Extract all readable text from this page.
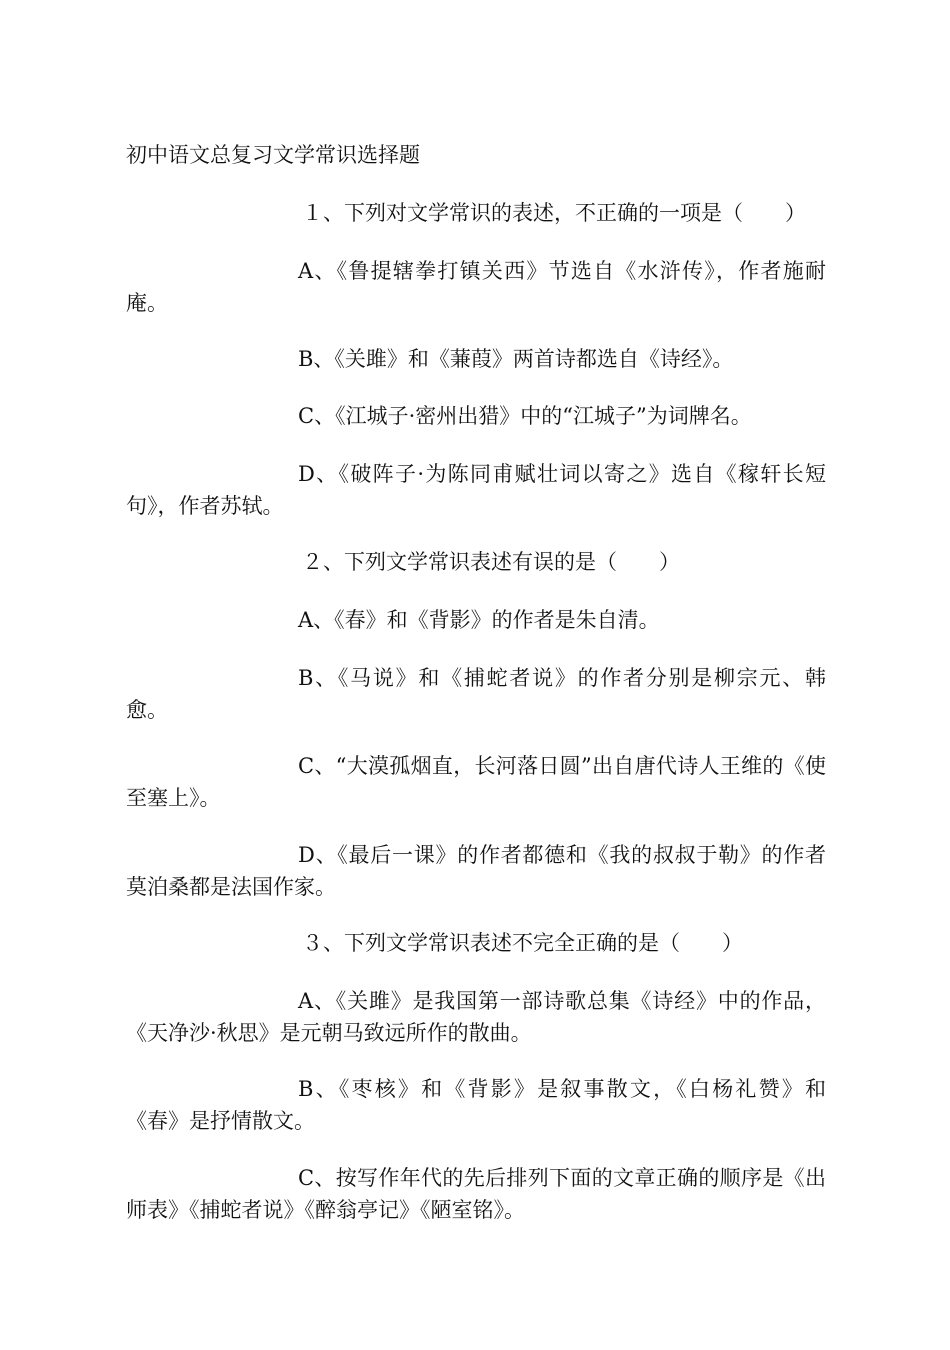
初中语文总复习文学常识选择题
１、下列对文学常识的表述，不正确的一项是（　　）
A、《鲁提辖拳打镇关西》节选自《水浒传》，作者施耐庵。
B、《关雎》和《蒹葭》两首诗都选自《诗经》。
C、《江城子·密州出猎》中的“江城子”为词牌名。
D、《破阵子·为陈同甫赋壮词以寄之》选自《稼轩长短句》，作者苏轼。
２、下列文学常识表述有误的是（　　）
A、《春》和《背影》的作者是朱自清。
B、《马说》和《捕蛇者说》的作者分别是柳宗元、韩愈。
C、“大漠孤烟直，长河落日圆”出自唐代诗人王维的《使至塞上》。
D、《最后一课》的作者都德和《我的叔叔于勒》的作者莫泊桑都是法国作家。
３、下列文学常识表述不完全正确的是（　　）
A、《关雎》是我国第一部诗歌总集《诗经》中的作品，《天净沙·秋思》是元朝马致远所作的散曲。
B、《枣核》和《背影》是叙事散文，《白杨礼赞》和《春》是抒情散文。
C、按写作年代的先后排列下面的文章正确的顺序是《出师表》《捕蛇者说》《醉翁亭记》《陋室铭》。
